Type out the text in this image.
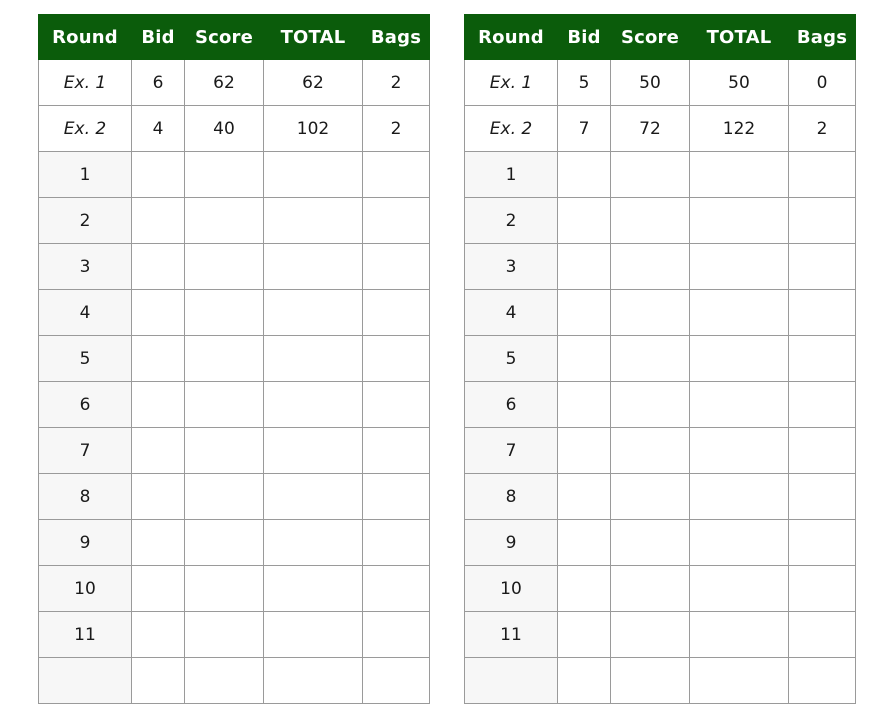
Round	Bid	Score	TOTAL	Bags
Ex. 1	6	62	62	2
Ex. 2	4	40	102	2
1				
2				
3				
4				
5				
6				
7				
8				
9				
10				
11				

Round	Bid	Score	TOTAL	Bags
Ex. 1	5	50	50	0
Ex. 2	7	72	122	2
1				
2				
3				
4				
5				
6				
7				
8				
9				
10				
11				
